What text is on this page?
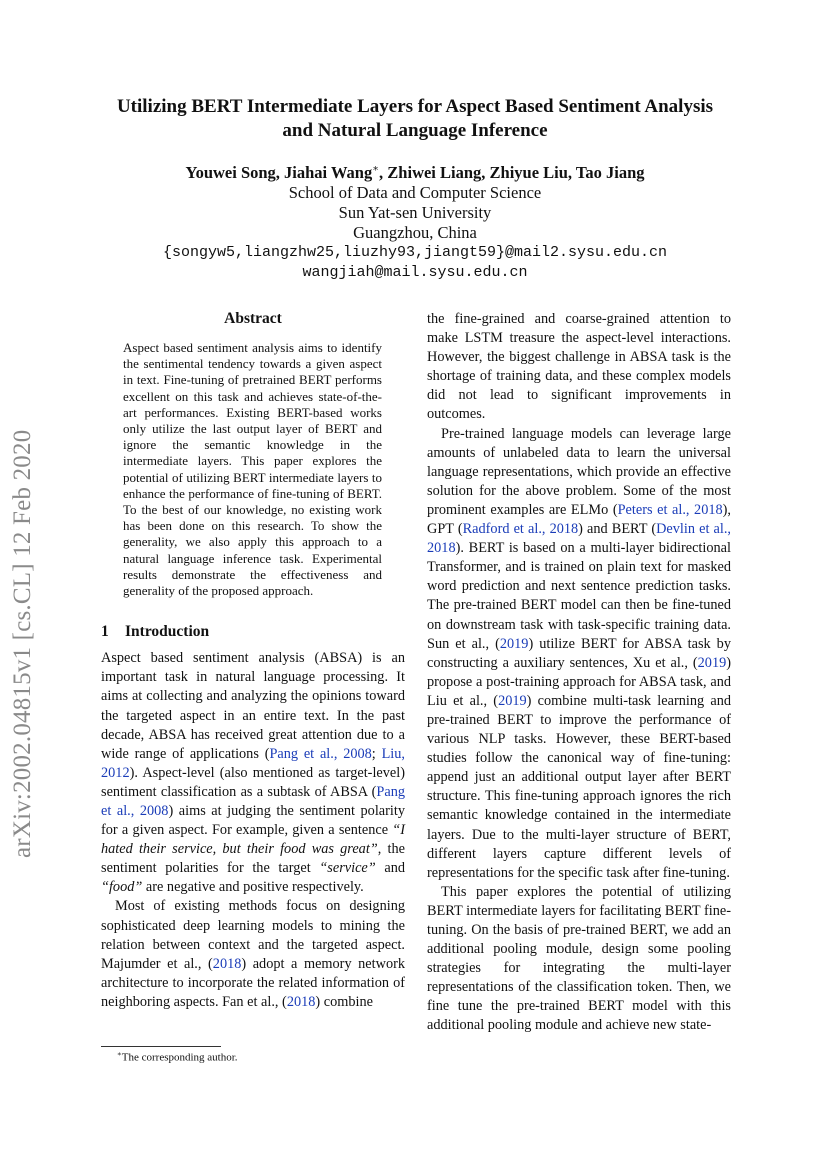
arXiv:2002.04815v1 [cs.CL] 12 Feb 2020
Utilizing BERT Intermediate Layers for Aspect Based Sentiment Analysis
and Natural Language Inference
Youwei Song, Jiahai Wang∗, Zhiwei Liang, Zhiyue Liu, Tao Jiang
School of Data and Computer Science
Sun Yat-sen University
Guangzhou, China
{songyw5,liangzhw25,liuzhy93,jiangt59}@mail2.sysu.edu.cn
wangjiah@mail.sysu.edu.cn
Abstract
Aspect based sentiment analysis aims to identify the sentimental tendency towards a given aspect in text. Fine-tuning of pretrained BERT performs excellent on this task and achieves state-of-the-art performances. Existing BERT-based works only utilize the last output layer of BERT and ignore the semantic knowledge in the intermediate layers. This paper explores the potential of utilizing BERT intermediate layers to enhance the performance of fine-tuning of BERT. To the best of our knowledge, no existing work has been done on this research. To show the generality, we also apply this approach to a natural language inference task. Experimental results demonstrate the effectiveness and generality of the proposed approach.
1 Introduction

Aspect based sentiment analysis (ABSA) is an important task in natural language processing. It aims at collecting and analyzing the opinions toward the targeted aspect in an entire text. In the past decade, ABSA has received great attention due to a wide range of applications (Pang et al., 2008; Liu, 2012). Aspect-level (also mentioned as target-level) sentiment classification as a subtask of ABSA (Pang et al., 2008) aims at judging the sentiment polarity for a given aspect. For example, given a sentence “I hated their service, but their food was great”, the sentiment polarities for the target “service” and “food” are negative and positive respectively.

Most of existing methods focus on designing sophisticated deep learning models to mining the relation between context and the targeted aspect. Majumder et al., (2018) adopt a memory network architecture to incorporate the related information of neighboring aspects. Fan et al., (2018) combine

∗The corresponding author.

the fine-grained and coarse-grained attention to make LSTM treasure the aspect-level interactions. However, the biggest challenge in ABSA task is the shortage of training data, and these complex models did not lead to significant improvements in outcomes.

Pre-trained language models can leverage large amounts of unlabeled data to learn the universal language representations, which provide an effective solution for the above problem. Some of the most prominent examples are ELMo (Peters et al., 2018), GPT (Radford et al., 2018) and BERT (Devlin et al., 2018). BERT is based on a multi-layer bidirectional Transformer, and is trained on plain text for masked word prediction and next sentence prediction tasks. The pre-trained BERT model can then be fine-tuned on downstream task with task-specific training data. Sun et al., (2019) utilize BERT for ABSA task by constructing a auxiliary sentences, Xu et al., (2019) propose a post-training approach for ABSA task, and Liu et al., (2019) combine multi-task learning and pre-trained BERT to improve the performance of various NLP tasks. However, these BERT-based studies follow the canonical way of fine-tuning: append just an additional output layer after BERT structure. This fine-tuning approach ignores the rich semantic knowledge contained in the intermediate layers. Due to the multi-layer structure of BERT, different layers capture different levels of representations for the specific task after fine-tuning.

This paper explores the potential of utilizing BERT intermediate layers for facilitating BERT fine-tuning. On the basis of pre-trained BERT, we add an additional pooling module, design some pooling strategies for integrating the multi-layer representations of the classification token. Then, we fine tune the pre-trained BERT model with this additional pooling module and achieve new state-
